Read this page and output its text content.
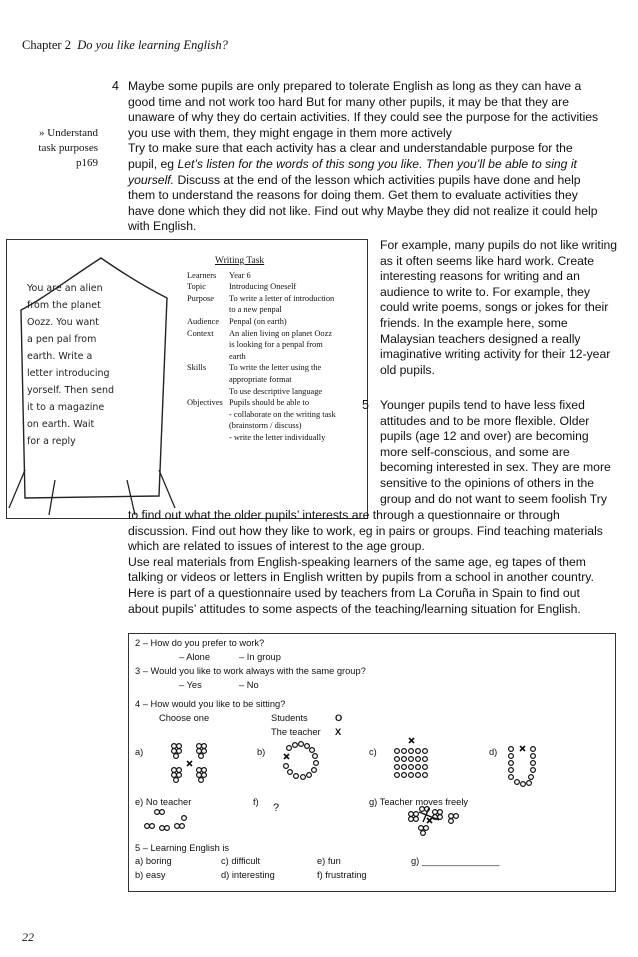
Chapter 2 Do you like learning English?
» Understand
task purposes
p169
4 Maybe some pupils are only prepared to tolerate English as long as they can have a
good time and not work too hard But for many other pupils, it may be that they are
unaware of why they do certain activities. If they could see the purpose for the activities
you use with them, they might engage in them more actively
Try to make sure that each activity has a clear and understandable purpose for the
pupil, eg Let’s listen for the words of this song you like. Then you’ll be able to sing it
yourself. Discuss at the end of the lesson which activities pupils have done and help
them to understand the reasons for doing them. Get them to evaluate activities they
have done which they did not like. Find out why Maybe they did not realize it could help
with English.
You are an alien
from the planet
Oozz. You want
a pen pal from
earth. Write a
letter introducing
yorself. Then send
it to a magazine
on earth. Wait
for a reply
Writing Task
Learners	Year 6
Topic	Introducing Oneself
Purpose	To write a letter of introduction
to a new penpal
Audience	Penpal (on earth)
Context	An alien living on planet Oozz
is looking for a penpal from
earth
Skills	To write the letter using the
appropriate format
To use descriptive language
Objectives Pupils should be able to
- collaborate on the writing task
(brainstorm / discuss)
- write the letter individually
For example, many pupils do not like writing
as it often seems like hard work. Create
interesting reasons for writing and an
audience to write to. For example, they
could write poems, songs or jokes for their
friends. In the example here, some
Malaysian teachers designed a really
imaginative writing activity for their 12-year
old pupils.
5 Younger pupils tend to have less fixed
attitudes and to be more flexible. Older
pupils (age 12 and over) are becoming
more self-conscious, and some are
becoming interested in sex. They are more
sensitive to the opinions of others in the
group and do not want to seem foolish Try
to find out what the older pupils’ interests are through a questionnaire or through
discussion. Find out how they like to work, eg in pairs or groups. Find teaching materials
which are related to issues of interest to the age group.
Use real materials from English-speaking learners of the same age, eg tapes of them
talking or videos or letters in English written by pupils from a school in another country.
Here is part of a questionnaire used by teachers from La Coruña in Spain to find out
about pupils’ attitudes to some aspects of the teaching/learning situation for English.
2 – How do you prefer to work?
– Alone	– In group
3 – Would you like to work always with the same group?
– Yes	– No
4 – How would you like to be sitting?
Choose one	Students	O
The teacher X
a)	b)	c)	d)
e) No teacher	f) ?	g) Teacher moves freely
5 – Learning English is
a) boring	c) difficult	e) fun	g) _______________
b) easy	d) interesting	f) frustrating
22
